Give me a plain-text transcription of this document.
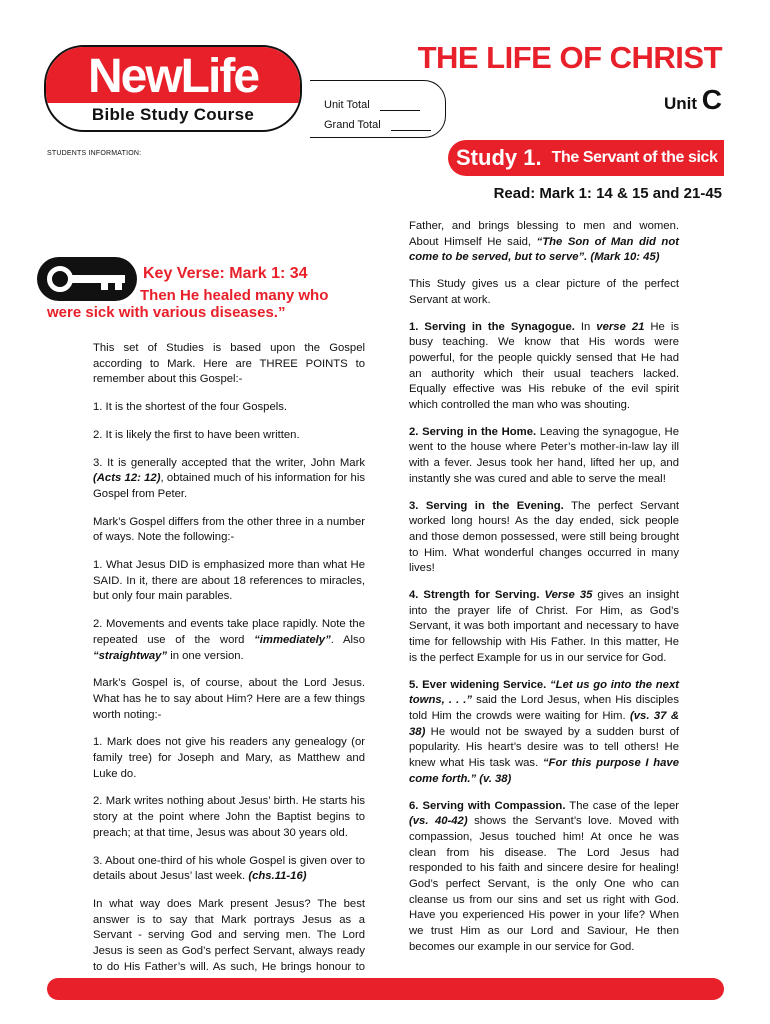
NewLife
Bible Study Course	Unit Total
Grand Total
THE LIFE OF CHRIST
Unit C
STUDENTS INFORMATION:	Study 1. The Servant of the sick
Read: Mark 1: 14 & 15 and 21-45
Key Verse: Mark 1: 34
Then He healed many who
were sick with various diseases.”

This set of Studies is based upon the Gospel according to Mark. Here are THREE POINTS to remember about this Gospel:-

1. It is the shortest of the four Gospels.

2. It is likely the first to have been written.

3. It is generally accepted that the writer, John Mark (Acts 12: 12), obtained much of his information for his Gospel from Peter.

Mark’s Gospel differs from the other three in a number of ways. Note the following:-

1. What Jesus DID is emphasized more than what He SAID. In it, there are about 18 references to miracles, but only four main parables.

2. Movements and events take place rapidly. Note the repeated use of the word “immediately”. Also “straightway” in one version.

Mark’s Gospel is, of course, about the Lord Jesus. What has he to say about Him? Here are a few things worth noting:-

1. Mark does not give his readers any genealogy (or family tree) for Joseph and Mary, as Matthew and Luke do.

2. Mark writes nothing about Jesus’ birth. He starts his story at the point where John the Baptist begins to preach; at that time, Jesus was about 30 years old.

3. About one-third of his whole Gospel is given over to details about Jesus’ last week. (chs.11-16)

In what way does Mark present Jesus? The best answer is to say that Mark portrays Jesus as a Servant - serving God and serving men. The Lord Jesus is seen as God’s perfect Servant, always ready to do His Father’s will. As such, He brings honour to

Father, and brings blessing to men and women. About Himself He said, “The Son of Man did not come to be served, but to serve”. (Mark 10: 45)

This Study gives us a clear picture of the perfect Servant at work.

1. Serving in the Synagogue. In verse 21 He is busy teaching. We know that His words were powerful, for the people quickly sensed that He had an authority which their usual teachers lacked. Equally effective was His rebuke of the evil spirit which controlled the man who was shouting.

2. Serving in the Home. Leaving the synagogue, He went to the house where Peter’s mother-in-law lay ill with a fever. Jesus took her hand, lifted her up, and instantly she was cured and able to serve the meal!

3. Serving in the Evening. The perfect Servant worked long hours! As the day ended, sick people and those demon possessed, were still being brought to Him. What wonderful changes occurred in many lives!

4. Strength for Serving. Verse 35 gives an insight into the prayer life of Christ. For Him, as God’s Servant, it was both important and necessary to have time for fellowship with His Father. In this matter, He is the perfect Example for us in our service for God.

5. Ever widening Service. “Let us go into the next towns, . . .” said the Lord Jesus, when His disciples told Him the crowds were waiting for Him. (vs. 37 & 38) He would not be swayed by a sudden burst of popularity. His heart’s desire was to tell others! He knew what His task was. “For this purpose I have come forth.” (v. 38)

6. Serving with Compassion. The case of the leper (vs. 40-42) shows the Servant’s love. Moved with compassion, Jesus touched him! At once he was clean from his disease. The Lord Jesus had responded to his faith and sincere desire for healing! God’s perfect Servant, is the only One who can cleanse us from our sins and set us right with God. Have you experienced His power in your life? When we trust Him as our Lord and Saviour, He then becomes our example in our service for God.
